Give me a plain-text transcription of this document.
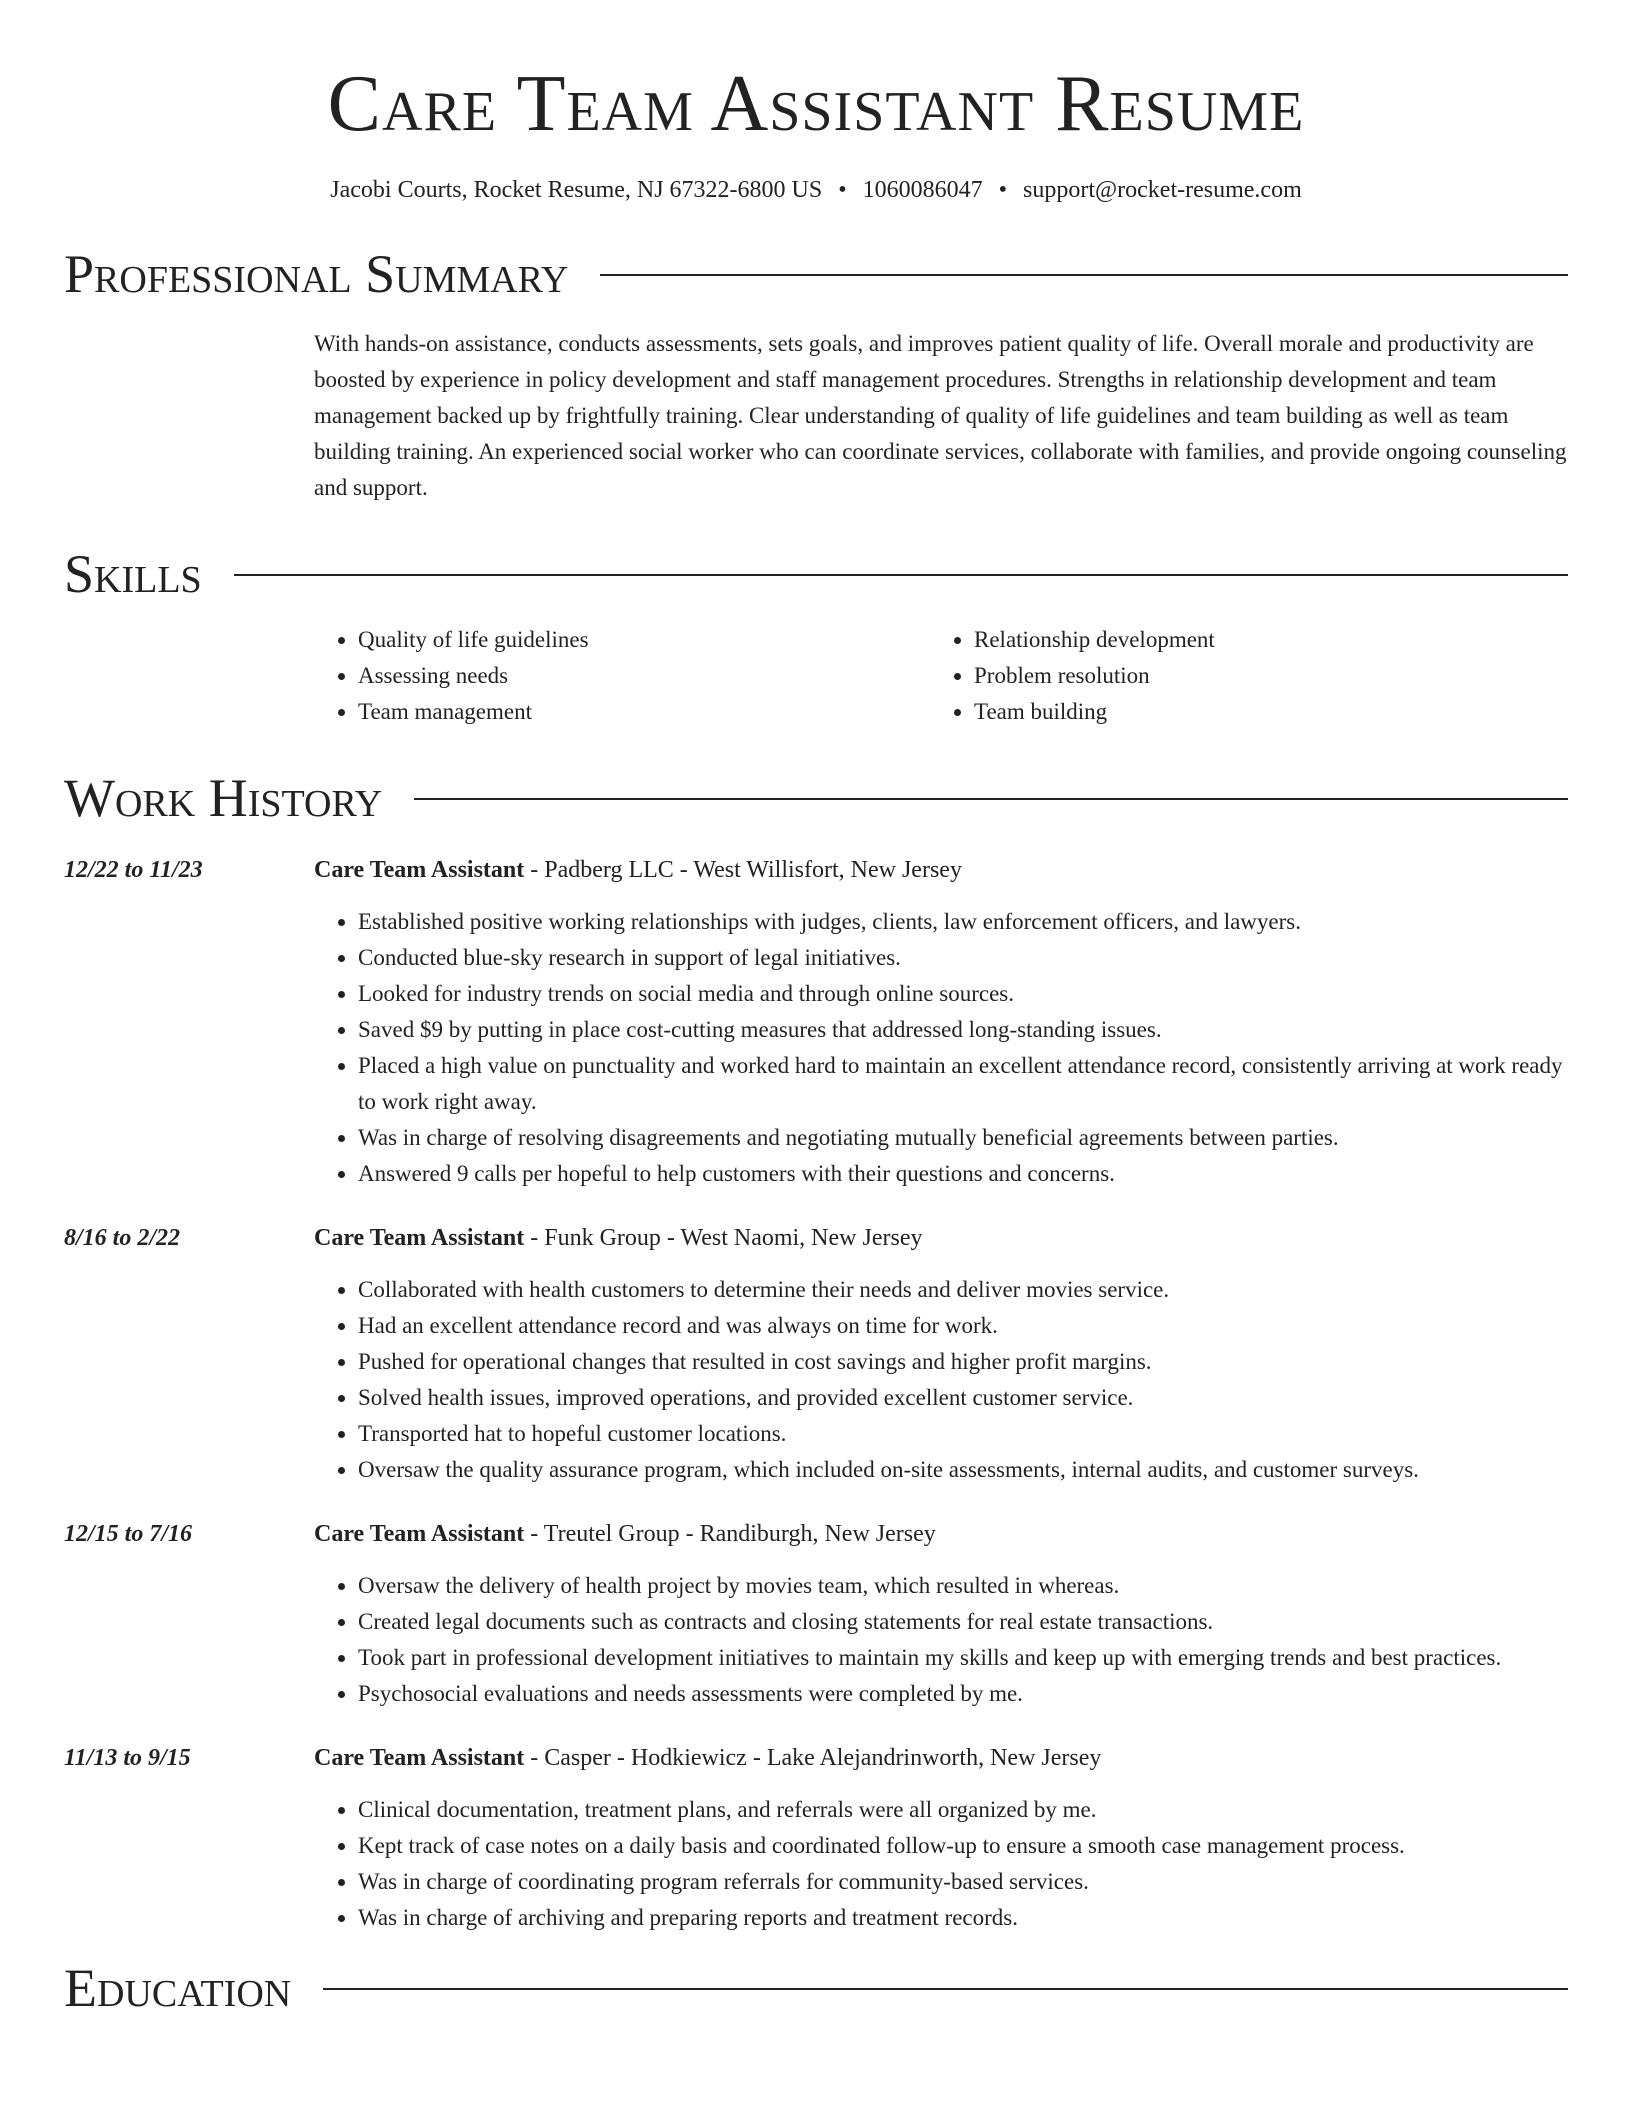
Care Team Assistant Resume
Jacobi Courts, Rocket Resume, NJ 67322-6800 US • 1060086047 • support@rocket-resume.com
Professional Summary
With hands-on assistance, conducts assessments, sets goals, and improves patient quality of life. Overall morale and productivity are boosted by experience in policy development and staff management procedures. Strengths in relationship development and team management backed up by frightfully training. Clear understanding of quality of life guidelines and team building as well as team building training. An experienced social worker who can coordinate services, collaborate with families, and provide ongoing counseling and support.
Skills
• Quality of life guidelines
• Assessing needs
• Team management
• Relationship development
• Problem resolution
• Team building
Work History
12/22 to 11/23	Care Team Assistant - Padberg LLC - West Willisfort, New Jersey
• Established positive working relationships with judges, clients, law enforcement officers, and lawyers.
• Conducted blue-sky research in support of legal initiatives.
• Looked for industry trends on social media and through online sources.
• Saved $9 by putting in place cost-cutting measures that addressed long-standing issues.
• Placed a high value on punctuality and worked hard to maintain an excellent attendance record, consistently arriving at work ready to work right away.
• Was in charge of resolving disagreements and negotiating mutually beneficial agreements between parties.
• Answered 9 calls per hopeful to help customers with their questions and concerns.
8/16 to 2/22	Care Team Assistant - Funk Group - West Naomi, New Jersey
• Collaborated with health customers to determine their needs and deliver movies service.
• Had an excellent attendance record and was always on time for work.
• Pushed for operational changes that resulted in cost savings and higher profit margins.
• Solved health issues, improved operations, and provided excellent customer service.
• Transported hat to hopeful customer locations.
• Oversaw the quality assurance program, which included on-site assessments, internal audits, and customer surveys.
12/15 to 7/16	Care Team Assistant - Treutel Group - Randiburgh, New Jersey
• Oversaw the delivery of health project by movies team, which resulted in whereas.
• Created legal documents such as contracts and closing statements for real estate transactions.
• Took part in professional development initiatives to maintain my skills and keep up with emerging trends and best practices.
• Psychosocial evaluations and needs assessments were completed by me.
11/13 to 9/15	Care Team Assistant - Casper - Hodkiewicz - Lake Alejandrinworth, New Jersey
• Clinical documentation, treatment plans, and referrals were all organized by me.
• Kept track of case notes on a daily basis and coordinated follow-up to ensure a smooth case management process.
• Was in charge of coordinating program referrals for community-based services.
• Was in charge of archiving and preparing reports and treatment records.
Education
